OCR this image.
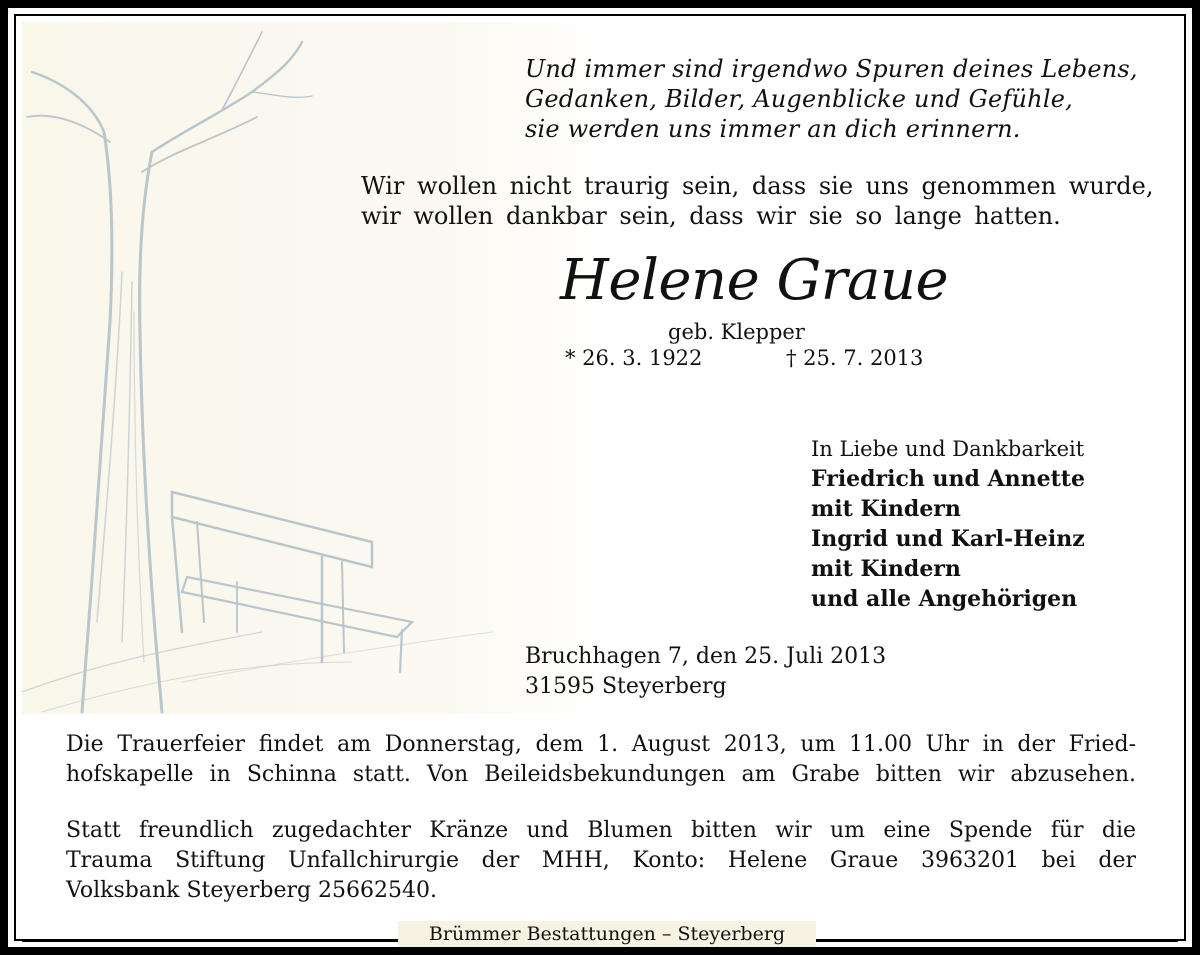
Und immer sind irgendwo Spuren deines Lebens,
Gedanken, Bilder, Augenblicke und Gefühle,
sie werden uns immer an dich erinnern.
Wir wollen nicht traurig sein, dass sie uns genommen wurde,
wir wollen dankbar sein, dass wir sie so lange hatten.
Helene Graue
geb. Klepper
* 26. 3. 1922	† 25. 7. 2013
In Liebe und Dankbarkeit
Friedrich und Annette
mit Kindern
Ingrid und Karl-Heinz
mit Kindern
und alle Angehörigen
Bruchhagen 7, den 25. Juli 2013
31595 Steyerberg
Die Trauerfeier findet am Donnerstag, dem 1. August 2013, um 11.00 Uhr in der Fried-
hofskapelle in Schinna statt. Von Beileidsbekundungen am Grabe bitten wir abzusehen.
Statt freundlich zugedachter Kränze und Blumen bitten wir um eine Spende für die
Trauma Stiftung Unfallchirurgie der MHH, Konto: Helene Graue 3963201 bei der
Volksbank Steyerberg 25662540.
Brümmer Bestattungen – Steyerberg
